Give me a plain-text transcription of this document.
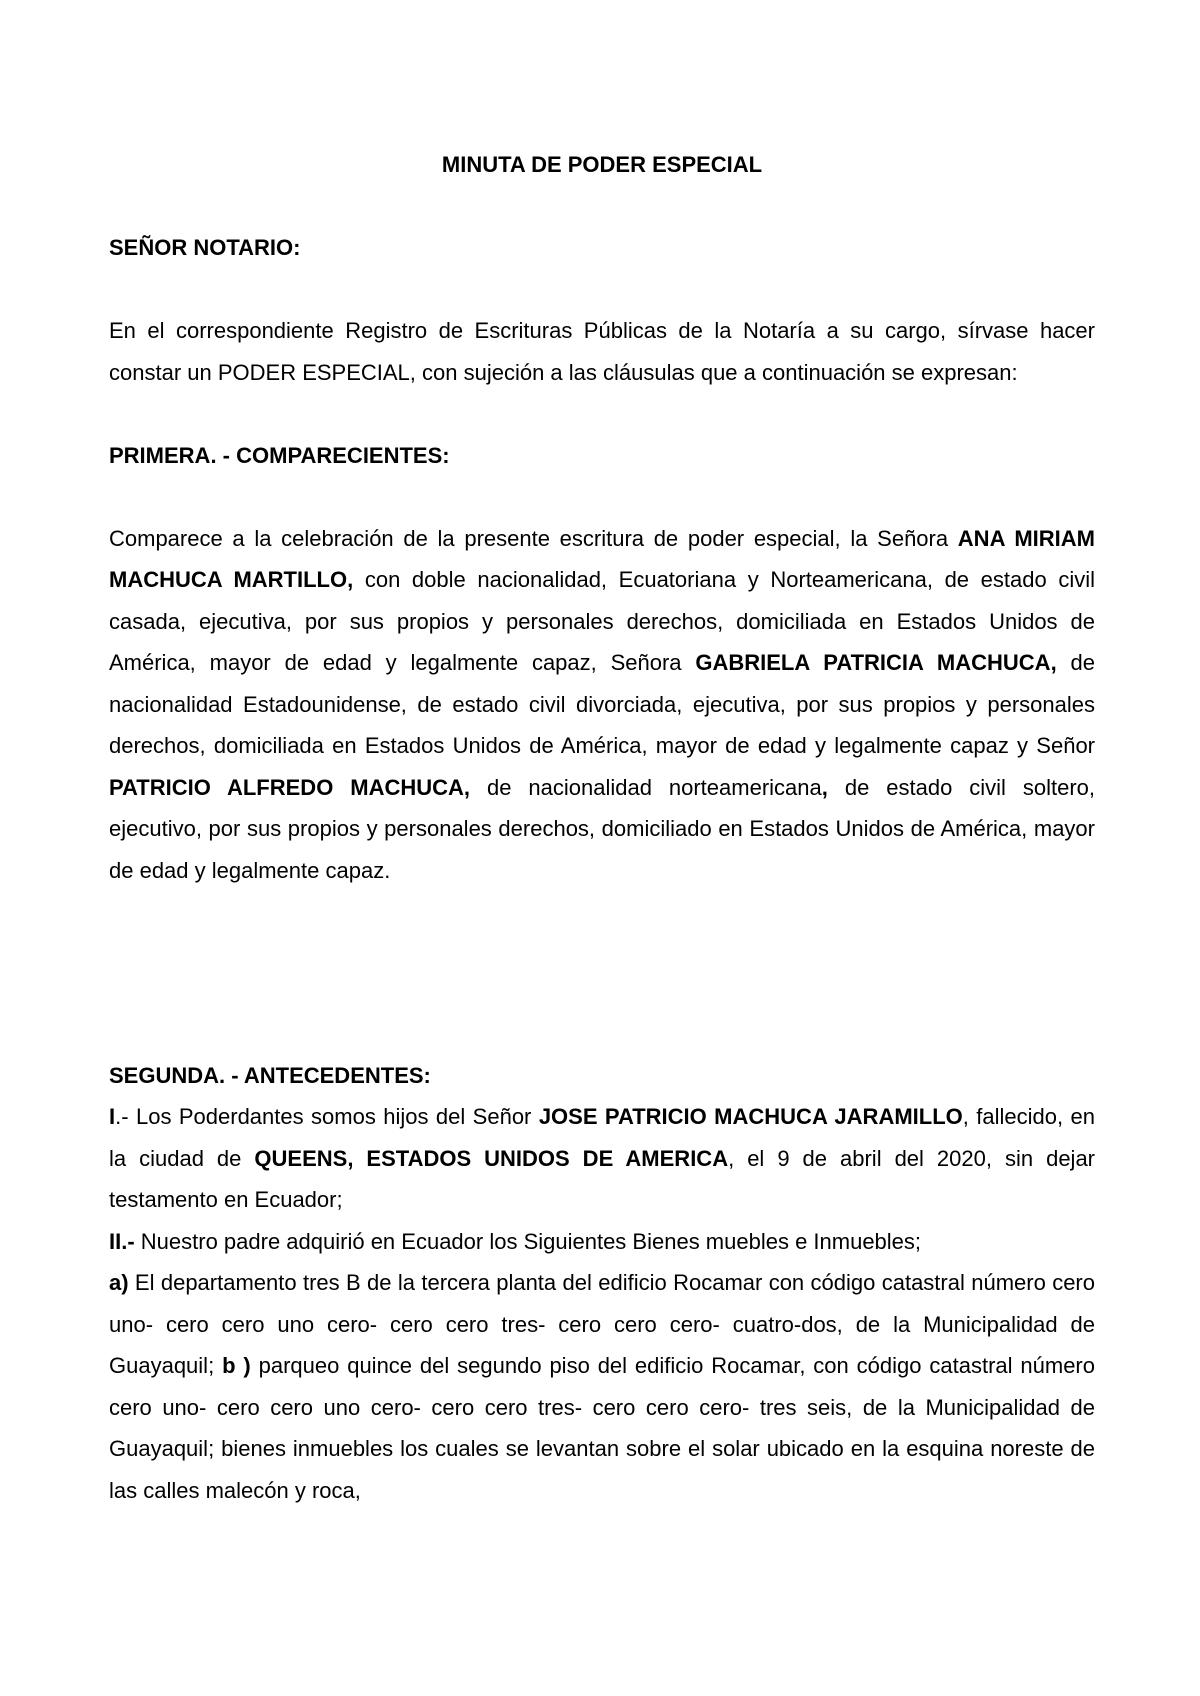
MINUTA DE PODER ESPECIAL
SEÑOR NOTARIO:
En el correspondiente Registro de Escrituras Públicas de la Notaría a su cargo, sírvase hacer constar un PODER ESPECIAL, con sujeción a las cláusulas que a continuación se expresan:
PRIMERA. - COMPARECIENTES:
Comparece a la celebración de la presente escritura de poder especial, la Señora ANA MIRIAM MACHUCA MARTILLO, con doble nacionalidad, Ecuatoriana y Norteamericana, de estado civil casada, ejecutiva, por sus propios y personales derechos, domiciliada en Estados Unidos de América, mayor de edad y legalmente capaz, Señora GABRIELA PATRICIA MACHUCA, de nacionalidad Estadounidense, de estado civil divorciada, ejecutiva, por sus propios y personales derechos, domiciliada en Estados Unidos de América, mayor de edad y legalmente capaz y Señor PATRICIO ALFREDO MACHUCA, de nacionalidad norteamericana, de estado civil soltero, ejecutivo, por sus propios y personales derechos, domiciliado en Estados Unidos de América, mayor de edad y legalmente capaz.
SEGUNDA. - ANTECEDENTES:
I.- Los Poderdantes somos hijos del Señor JOSE PATRICIO MACHUCA JARAMILLO, fallecido, en la ciudad de QUEENS, ESTADOS UNIDOS DE AMERICA, el 9 de abril del 2020, sin dejar testamento en Ecuador;
II.- Nuestro padre adquirió en Ecuador los Siguientes Bienes muebles e Inmuebles;
a) El departamento tres B de la tercera planta del edificio Rocamar con código catastral número cero uno- cero cero uno cero- cero cero tres- cero cero cero- cuatro-dos, de la Municipalidad de Guayaquil; b ) parqueo quince del segundo piso del edificio Rocamar, con código catastral número cero uno- cero cero uno cero- cero cero tres- cero cero cero- tres seis, de la Municipalidad de Guayaquil; bienes inmuebles los cuales se levantan sobre el solar ubicado en la esquina noreste de las calles malecón y roca,
